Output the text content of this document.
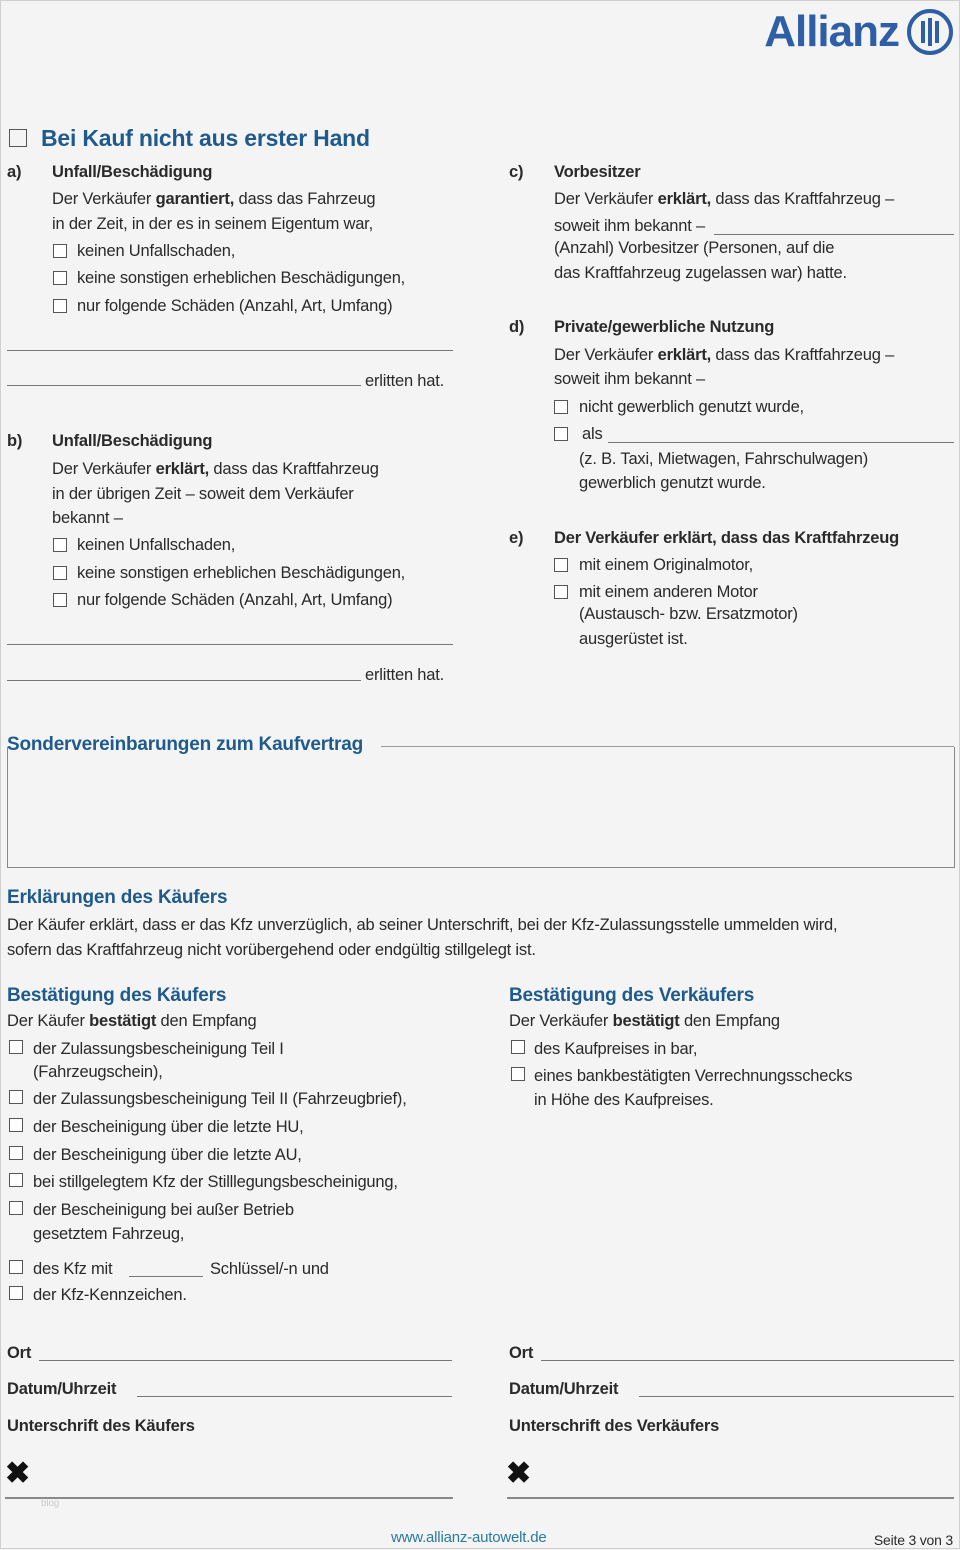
Allianz
Bei Kauf nicht aus erster Hand
a) Unfall/Beschädigung
Der Verkäufer garantiert, dass das Fahrzeug
in der Zeit, in der es in seinem Eigentum war,
keinen Unfallschaden,
keine sonstigen erheblichen Beschädigungen,
nur folgende Schäden (Anzahl, Art, Umfang)
erlitten hat.
b) Unfall/Beschädigung
Der Verkäufer erklärt, dass das Kraftfahrzeug
in der übrigen Zeit – soweit dem Verkäufer
bekannt –
keinen Unfallschaden,
keine sonstigen erheblichen Beschädigungen,
nur folgende Schäden (Anzahl, Art, Umfang)
erlitten hat.
c) Vorbesitzer
Der Verkäufer erklärt, dass das Kraftfahrzeug –
soweit ihm bekannt –
(Anzahl) Vorbesitzer (Personen, auf die
das Kraftfahrzeug zugelassen war) hatte.
d) Private/gewerbliche Nutzung
Der Verkäufer erklärt, dass das Kraftfahrzeug –
soweit ihm bekannt –
nicht gewerblich genutzt wurde,
als
(z. B. Taxi, Mietwagen, Fahrschulwagen)
gewerblich genutzt wurde.
e) Der Verkäufer erklärt, dass das Kraftfahrzeug
mit einem Originalmotor,
mit einem anderen Motor
(Austausch- bzw. Ersatzmotor)
ausgerüstet ist.
Sondervereinbarungen zum Kaufvertrag
Erklärungen des Käufers
Der Käufer erklärt, dass er das Kfz unverzüglich, ab seiner Unterschrift, bei der Kfz-Zulassungsstelle ummelden wird,
sofern das Kraftfahrzeug nicht vorübergehend oder endgültig stillgelegt ist.
Bestätigung des Käufers
Der Käufer bestätigt den Empfang
der Zulassungsbescheinigung Teil I
(Fahrzeugschein),
der Zulassungsbescheinigung Teil II (Fahrzeugbrief),
der Bescheinigung über die letzte HU,
der Bescheinigung über die letzte AU,
bei stillgelegtem Kfz der Stilllegungsbescheinigung,
der Bescheinigung bei außer Betrieb
gesetztem Fahrzeug,
des Kfz mit	Schlüssel/-n und
der Kfz-Kennzeichen.
Ort
Datum/Uhrzeit
Unterschrift des Käufers
✖
blog
Bestätigung des Verkäufers
Der Verkäufer bestätigt den Empfang
des Kaufpreises in bar,
eines bankbestätigten Verrechnungsschecks
in Höhe des Kaufpreises.
Ort
Datum/Uhrzeit
Unterschrift des Verkäufers
✖
www.allianz-autowelt.de	Seite 3 von 3
